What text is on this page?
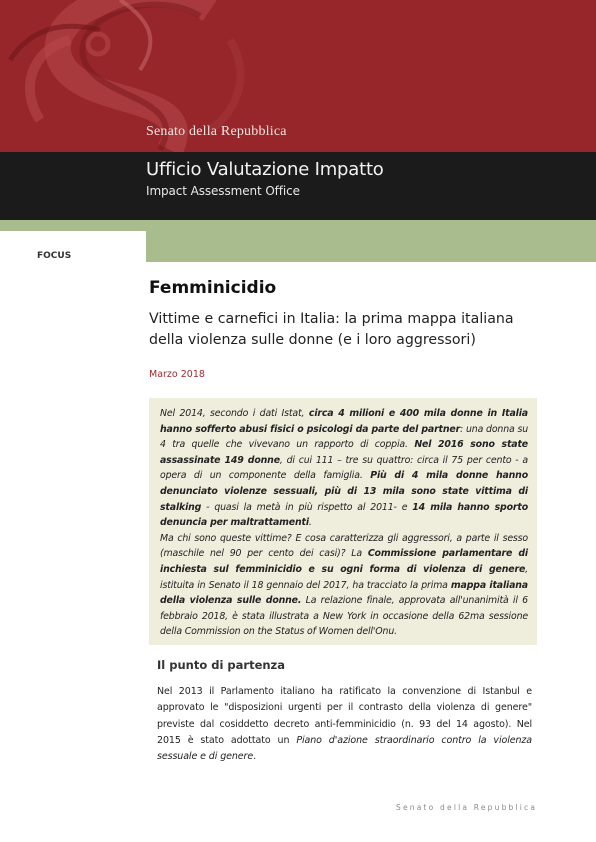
Senato della Repubblica
Ufficio Valutazione Impatto
Impact Assessment Office
FOCUS
Femminicidio

Vittime e carnefici in Italia: la prima mappa italiana della violenza sulle donne (e i loro aggressori)

Marzo 2018

Nel 2014, secondo i dati Istat, circa 4 milioni e 400 mila donne in Italia hanno sofferto abusi fisici o psicologi da parte del partner: una donna su 4 tra quelle che vivevano un rapporto di coppia. Nel 2016 sono state assassinate 149 donne, di cui 111 – tre su quattro: circa il 75 per cento - a opera di un componente della famiglia. Più di 4 mila donne hanno denunciato violenze sessuali, più di 13 mila sono state vittima di stalking - quasi la metà in più rispetto al 2011- e 14 mila hanno sporto denuncia per maltrattamenti.
Ma chi sono queste vittime? E cosa caratterizza gli aggressori, a parte il sesso (maschile nel 90 per cento dei casi)? La Commissione parlamentare di inchiesta sul femminicidio e su ogni forma di violenza di genere, istituita in Senato il 18 gennaio del 2017, ha tracciato la prima mappa italiana della violenza sulle donne. La relazione finale, approvata all'unanimità il 6 febbraio 2018, è stata illustrata a New York in occasione della 62ma sessione della Commission on the Status of Women dell'Onu.

Il punto di partenza

Nel 2013 il Parlamento italiano ha ratificato la convenzione di Istanbul e approvato le "disposizioni urgenti per il contrasto della violenza di genere" previste dal cosiddetto decreto anti-femminicidio (n. 93 del 14 agosto). Nel 2015 è stato adottato un Piano d'azione straordinario contro la violenza sessuale e di genere.

Senato della Repubblica
